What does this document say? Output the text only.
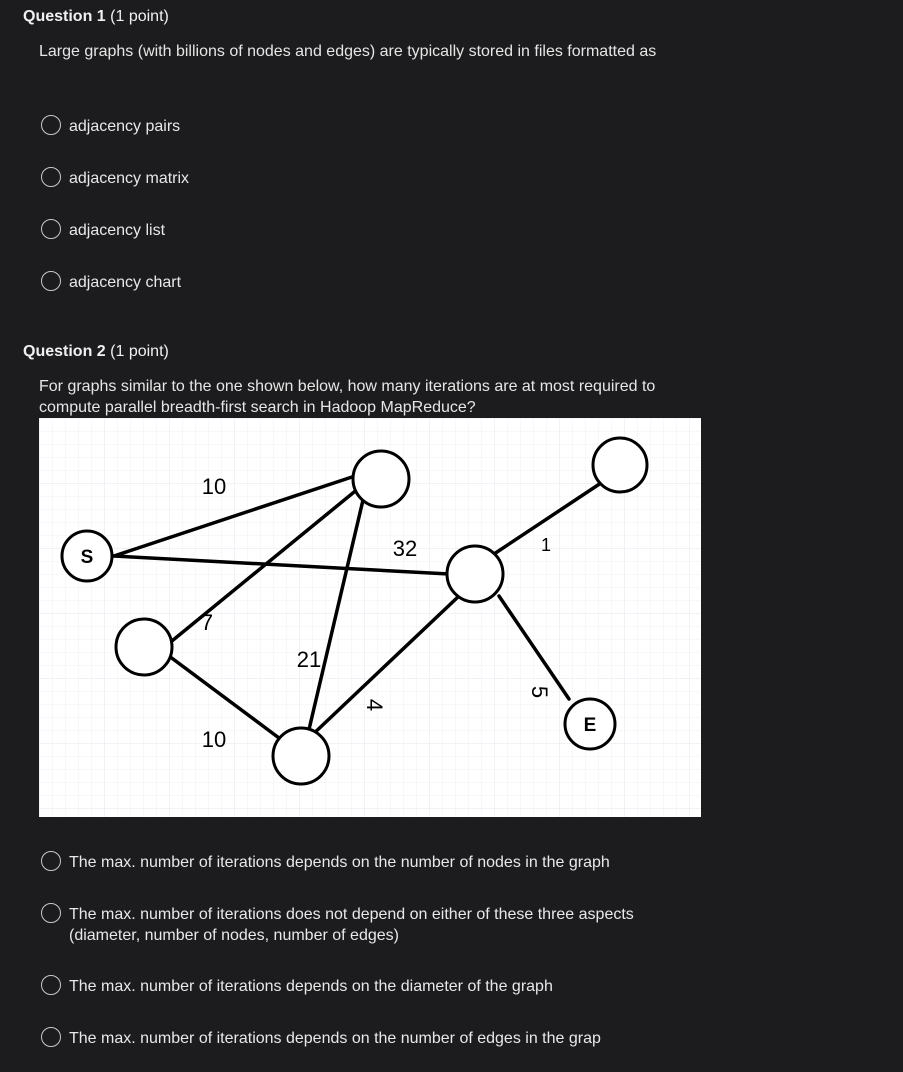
Question 1 (1 point)
Large graphs (with billions of nodes and edges) are typically stored in files formatted as
adjacency pairs
adjacency matrix
adjacency list
adjacency chart
Question 2 (1 point)
For graphs similar to the one shown below, how many iterations are at most required to compute parallel breadth-first search in Hadoop MapReduce?
S
E
10
32
7
21
10
4
1
5
The max. number of iterations depends on the number of nodes in the graph
The max. number of iterations does not depend on either of these three aspects (diameter, number of nodes, number of edges)
The max. number of iterations depends on the diameter of the graph
The max. number of iterations depends on the number of edges in the grap
